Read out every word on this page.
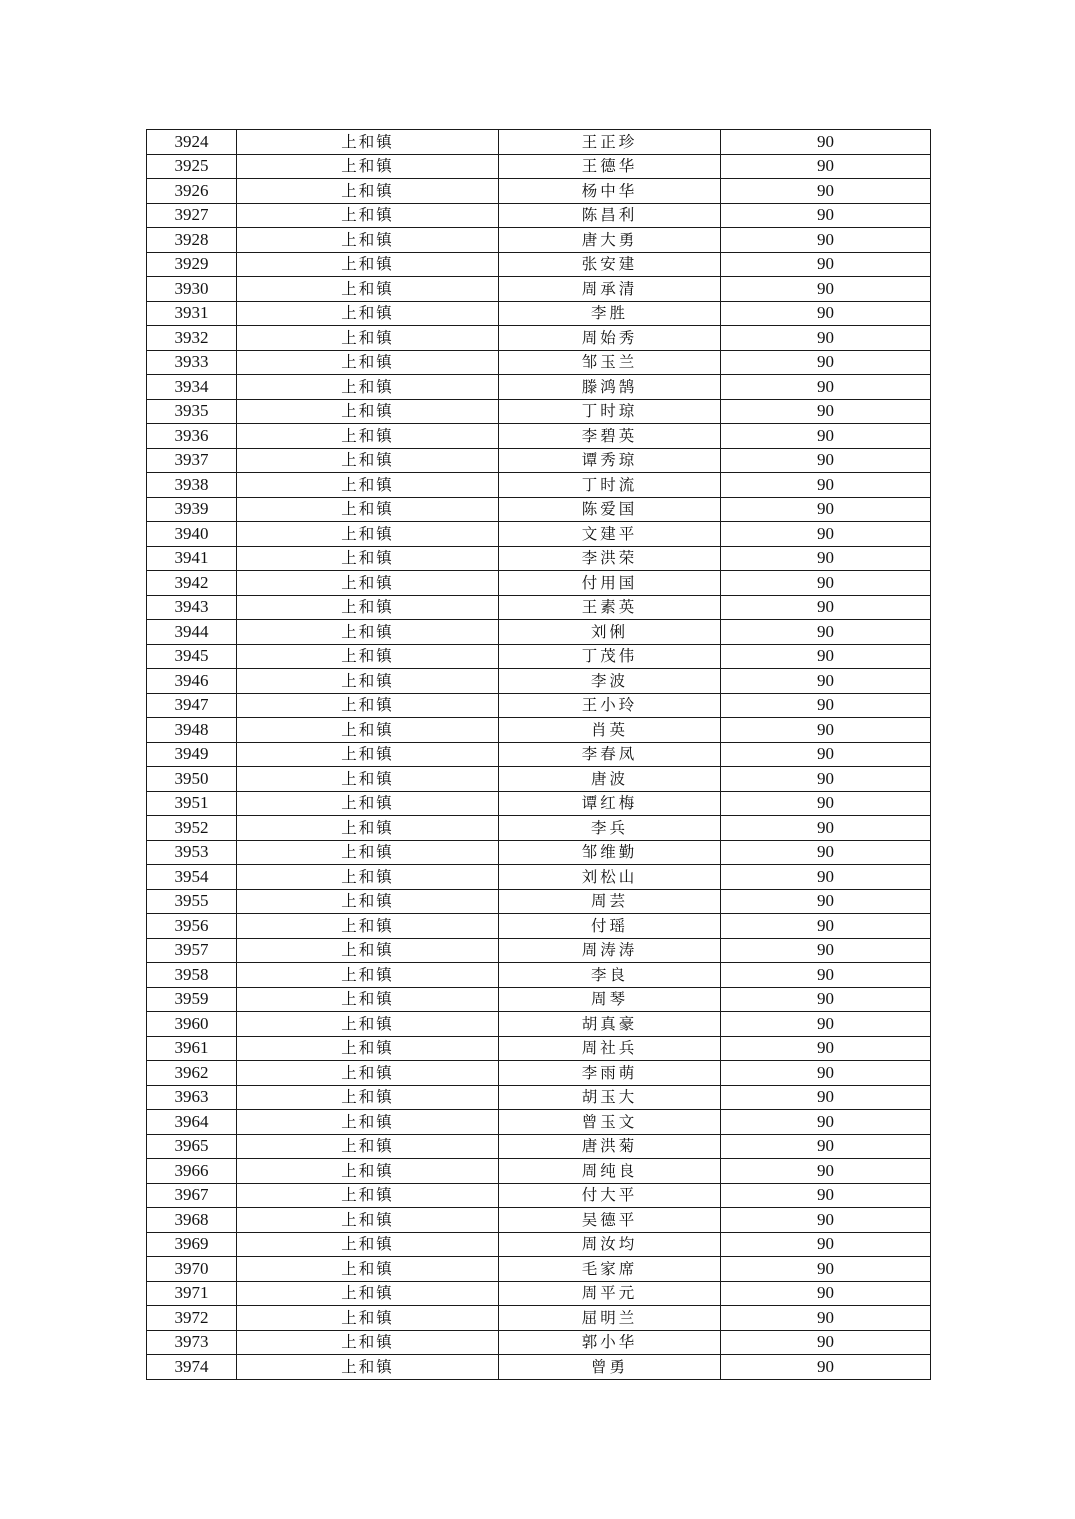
3924	上和镇	王正珍	90
3925	上和镇	王德华	90
3926	上和镇	杨中华	90
3927	上和镇	陈昌利	90
3928	上和镇	唐大勇	90
3929	上和镇	张安建	90
3930	上和镇	周承清	90
3931	上和镇	李胜	90
3932	上和镇	周始秀	90
3933	上和镇	邹玉兰	90
3934	上和镇	滕鸿鹄	90
3935	上和镇	丁时琼	90
3936	上和镇	李碧英	90
3937	上和镇	谭秀琼	90
3938	上和镇	丁时流	90
3939	上和镇	陈爱国	90
3940	上和镇	文建平	90
3941	上和镇	李洪荣	90
3942	上和镇	付用国	90
3943	上和镇	王素英	90
3944	上和镇	刘俐	90
3945	上和镇	丁茂伟	90
3946	上和镇	李波	90
3947	上和镇	王小玲	90
3948	上和镇	肖英	90
3949	上和镇	李春凤	90
3950	上和镇	唐波	90
3951	上和镇	谭红梅	90
3952	上和镇	李兵	90
3953	上和镇	邹维勤	90
3954	上和镇	刘松山	90
3955	上和镇	周芸	90
3956	上和镇	付瑶	90
3957	上和镇	周涛涛	90
3958	上和镇	李良	90
3959	上和镇	周琴	90
3960	上和镇	胡真豪	90
3961	上和镇	周社兵	90
3962	上和镇	李雨萌	90
3963	上和镇	胡玉大	90
3964	上和镇	曾玉文	90
3965	上和镇	唐洪菊	90
3966	上和镇	周纯良	90
3967	上和镇	付大平	90
3968	上和镇	吴德平	90
3969	上和镇	周汝均	90
3970	上和镇	毛家席	90
3971	上和镇	周平元	90
3972	上和镇	屈明兰	90
3973	上和镇	郭小华	90
3974	上和镇	曾勇	90
